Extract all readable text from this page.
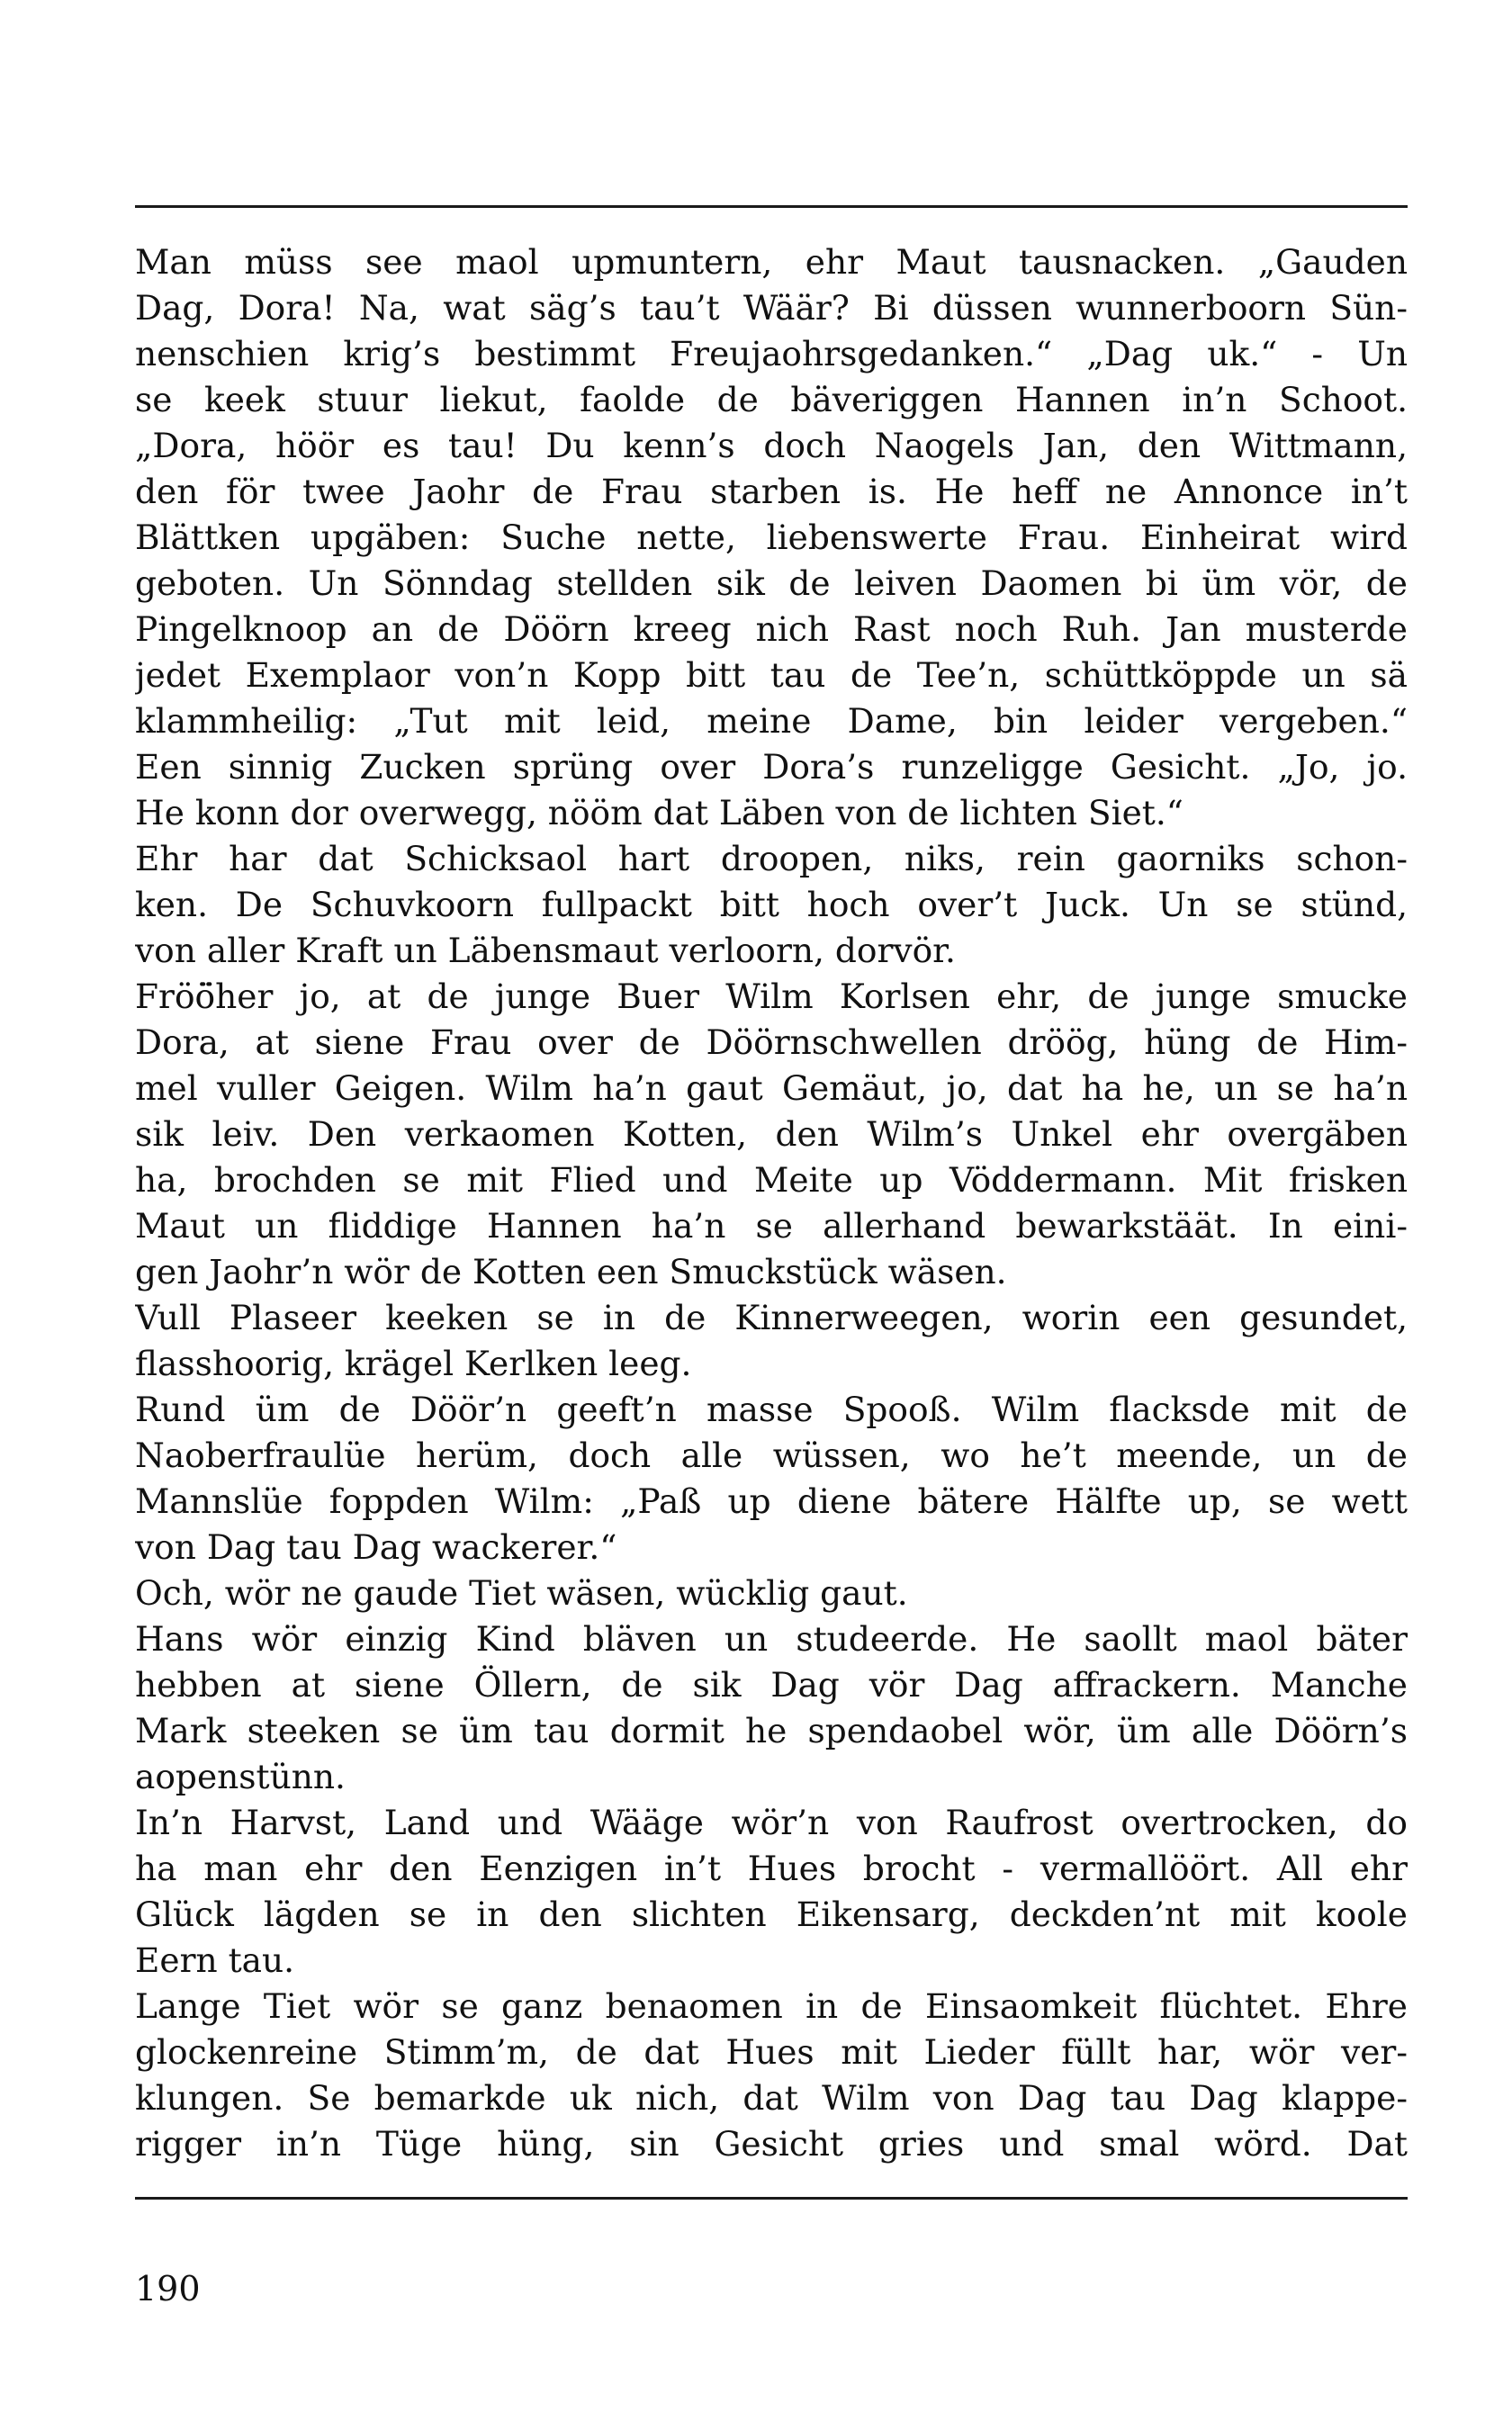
Man müss see maol upmuntern, ehr Maut tausnacken. „Gauden
Dag, Dora! Na, wat säg’s tau’t Wäär? Bi düssen wunnerboorn Sün-
nenschien krig’s bestimmt Freujaohrsgedanken.“ „Dag uk.“ - Un
se keek stuur liekut, faolde de bäveriggen Hannen in’n Schoot.
„Dora, höör es tau! Du kenn’s doch Naogels Jan, den Wittmann,
den för twee Jaohr de Frau starben is. He heff ne Annonce in’t
Blättken upgäben: Suche nette, liebenswerte Frau. Einheirat wird
geboten. Un Sönndag stellden sik de leiven Daomen bi üm vör, de
Pingelknoop an de Döörn kreeg nich Rast noch Ruh. Jan musterde
jedet Exemplaor von’n Kopp bitt tau de Tee’n, schüttköppde un sä
klammheilig: „Tut mit leid, meine Dame, bin leider vergeben.“
Een sinnig Zucken sprüng over Dora’s runzeligge Gesicht. „Jo, jo.
He konn dor overwegg, nööm dat Läben von de lichten Siet.“
Ehr har dat Schicksaol hart droopen, niks, rein gaorniks schon-
ken. De Schuvkoorn fullpackt bitt hoch over’t Juck. Un se stünd,
von aller Kraft un Läbensmaut verloorn, dorvör.
Fröö̈her jo, at de junge Buer Wilm Korlsen ehr, de junge smucke
Dora, at siene Frau over de Döörnschwellen dröög, hüng de Him-
mel vuller Geigen. Wilm ha’n gaut Gemäut, jo, dat ha he, un se ha’n
sik leiv. Den verkaomen Kotten, den Wilm’s Unkel ehr overgäben
ha, brochden se mit Flied und Meite up Vöddermann. Mit frisken
Maut un fliddige Hannen ha’n se allerhand bewarkstäät. In eini-
gen Jaohr’n wör de Kotten een Smuckstück wäsen.
Vull Plaseer keeken se in de Kinnerweegen, worin een gesundet,
flasshoorig, krägel Kerlken leeg.
Rund üm de Döör’n geeft’n masse Spooß. Wilm flacksde mit de
Naoberfraulüe herüm, doch alle wüssen, wo he’t meende, un de
Mannslüe foppden Wilm: „Paß up diene bätere Hälfte up, se wett
von Dag tau Dag wackerer.“
Och, wör ne gaude Tiet wäsen, wücklig gaut.
Hans wör einzig Kind bläven un studeerde. He saollt maol bäter
hebben at siene Öllern, de sik Dag vör Dag affrackern. Manche
Mark steeken se üm tau dormit he spendaobel wör, üm alle Döörn’s
aopenstünn.
In’n Harvst, Land und Wääge wör’n von Raufrost overtrocken, do
ha man ehr den Eenzigen in’t Hues brocht - vermallöört. All ehr
Glück lägden se in den slichten Eikensarg, deckden’nt mit koole
Eern tau.
Lange Tiet wör se ganz benaomen in de Einsaomkeit flüchtet. Ehre
glockenreine Stimm’m, de dat Hues mit Lieder füllt har, wör ver-
klungen. Se bemarkde uk nich, dat Wilm von Dag tau Dag klappe-
rigger in’n Tüge hüng, sin Gesicht gries und smal wörd. Dat
190
